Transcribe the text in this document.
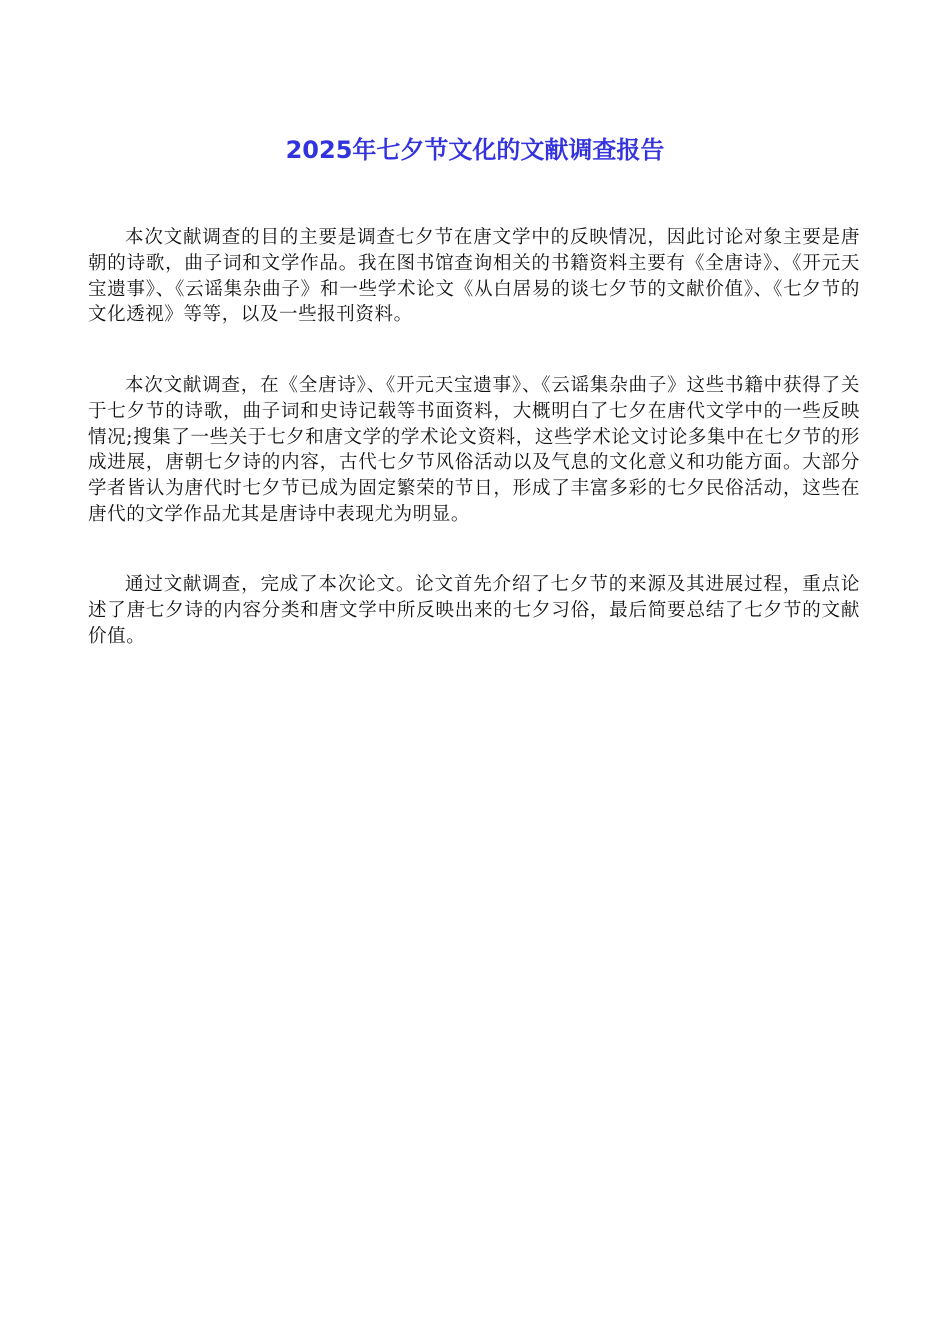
2025年七夕节文化的文献调查报告

本次文献调查的目的主要是调查七夕节在唐文学中的反映情况，因此讨论对象主要是唐朝的诗歌，曲子词和文学作品。我在图书馆查询相关的书籍资料主要有《全唐诗》、《开元天宝遗事》、《云谣集杂曲子》和一些学术论文《从白居易的谈七夕节的文献价值》、《七夕节的文化透视》等等，以及一些报刊资料。

本次文献调查，在《全唐诗》、《开元天宝遗事》、《云谣集杂曲子》这些书籍中获得了关于七夕节的诗歌，曲子词和史诗记载等书面资料，大概明白了七夕在唐代文学中的一些反映情况;搜集了一些关于七夕和唐文学的学术论文资料，这些学术论文讨论多集中在七夕节的形成进展，唐朝七夕诗的内容，古代七夕节风俗活动以及气息的文化意义和功能方面。大部分学者皆认为唐代时七夕节已成为固定繁荣的节日，形成了丰富多彩的七夕民俗活动，这些在唐代的文学作品尤其是唐诗中表现尤为明显。

通过文献调查，完成了本次论文。论文首先介绍了七夕节的来源及其进展过程，重点论述了唐七夕诗的内容分类和唐文学中所反映出来的七夕习俗，最后简要总结了七夕节的文献价值。
